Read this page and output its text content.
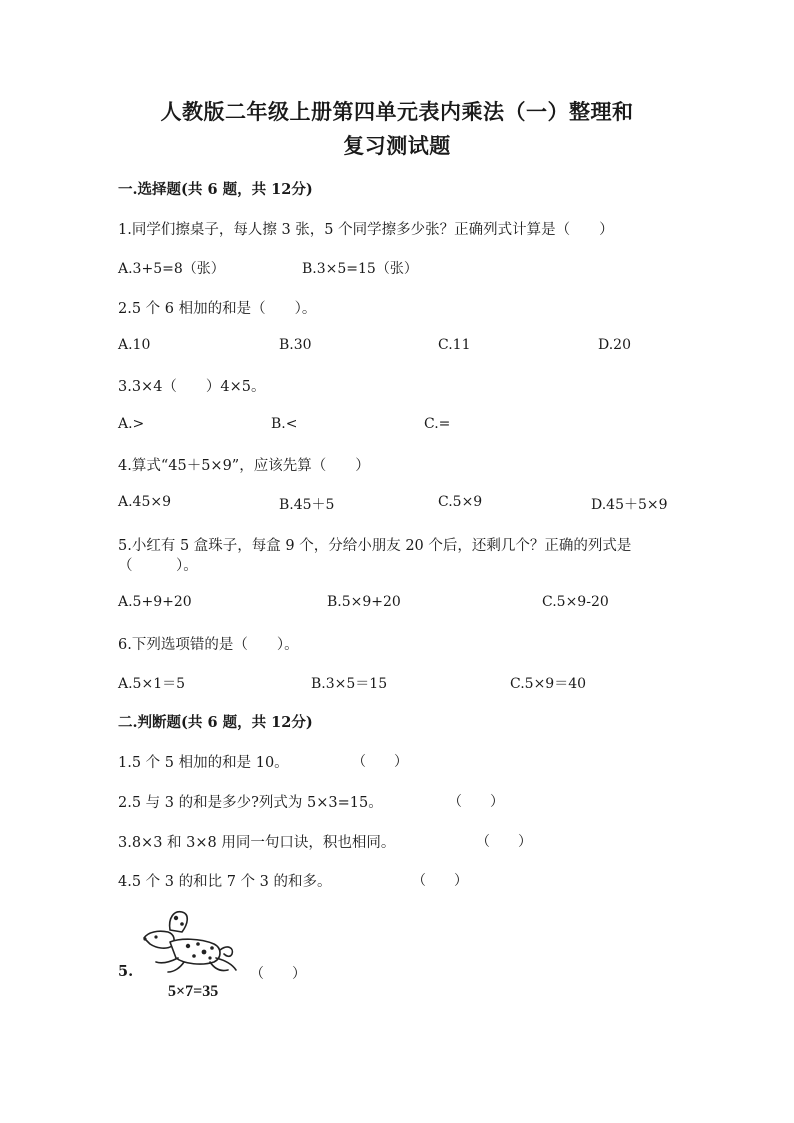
人教版二年级上册第四单元表内乘法（一）整理和
复习测试题
一.选择题(共 6 题，共 12分)
1.同学们擦桌子，每人擦 3 张，5 个同学擦多少张？正确列式计算是（　　）
A.3+5=8（张）	B.3×5=15（张）
2.5 个 6 相加的和是（　　）。
A.10	B.30	C.11	D.20
3.3×4（　　）4×5。
A.>	B.<	C.=
4.算式“45＋5×9”，应该先算（　　）
A.45×9	B.45＋5	C.5×9	D.45＋5×9
5.小红有 5 盒珠子，每盒 9 个，分给小朋友 20 个后，还剩几个？正确的列式是
（　　　）。
A.5+9+20	B.5×9+20	C.5×9-20
6.下列选项错的是（　　）。
A.5×1＝5	B.3×5＝15	C.5×9＝40
二.判断题(共 6 题，共 12分)
1.5 个 5 相加的和是 10。	（　　）
2.5 与 3 的和是多少?列式为 5×3=15。	（　　）
3.8×3 和 3×8 用同一句口诀，积也相同。	（　　）
4.5 个 3 的和比 7 个 3 的和多。	（　　）
5.	（　　）
5×7=35
